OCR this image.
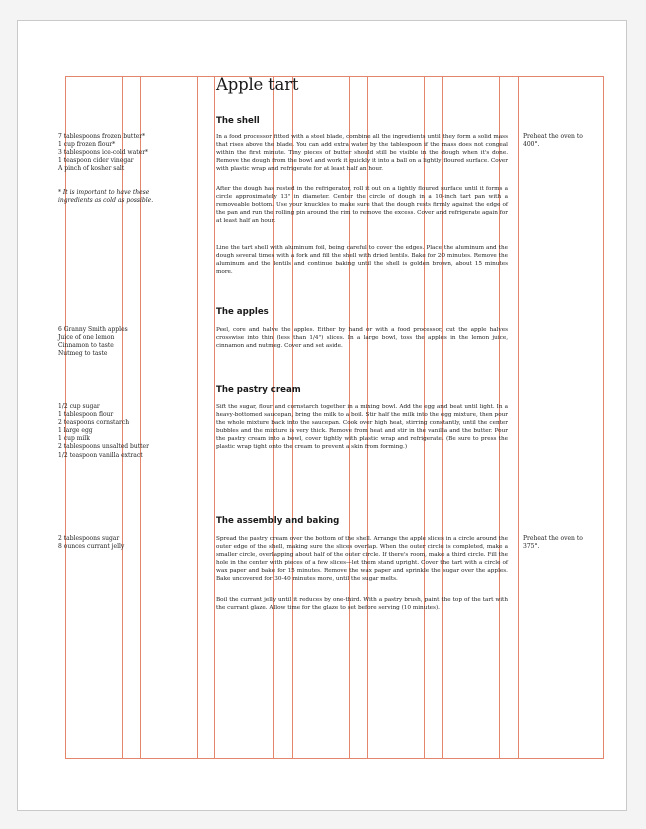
Apple tart
The shell

In a food processor fitted with a steel blade, combine all the ingredients until they form a solid mass that rises above the blade. You can add extra water by the tablespoon if the mass does not congeal within the first minute. Tiny pieces of butter should still be visible in the dough when it's done. Remove the dough from the bowl and work it quickly it into a ball on a lightly floured surface. Cover with plastic wrap and refrigerate for at least half an hour.

After the dough has rested in the refrigerator, roll it out on a lightly floured surface until it forms a circle approximately 13" in diameter. Center the circle of dough in a 10-inch tart pan with a removeable bottom. Use your knuckles to make sure that the dough rests firmly against the edge of the pan and run the rolling pin around the rim to remove the excess. Cover and refrigerate again for at least half an hour.

Line the tart shell with aluminum foil, being careful to cover the edges. Place the aluminum and the dough several times with a fork and fill the shell with dried lentils. Bake for 20 minutes. Remove the aluminum and the lentils and continue baking until the shell is golden brown, about 15 minutes more.

The apples

Peel, core and halve the apples. Either by hand or with a food processor, cut the apple halves crosswise into thin (less than 1/4") slices. In a large bowl, toss the apples in the lemon juice, cinnamon and nutmeg. Cover and set aside.

The pastry cream

Sift the sugar, flour and cornstarch together in a mixing bowl. Add the egg and beat until light. In a heavy-bottomed saucepan, bring the milk to a boil. Stir half the milk into the egg mixture, then pour the whole mixture back into the saucepan. Cook over high heat, stirring constantly, until the center bubbles and the mixture is very thick. Remove from heat and stir in the vanilla and the butter. Pour the pastry cream into a bowl, cover tightly with plastic wrap and refrigerate. (Be sure to press the plastic wrap tight onto the cream to prevent a skin from forming.)

The assembly and baking

Spread the pastry cream over the bottom of the shell. Arrange the apple slices in a circle around the outer edge of the shell, making sure the slices overlap. When the outer circle is completed, make a smaller circle, overlapping about half of the outer circle. If there's room, make a third circle. Fill the hole in the center with pieces of a few slices—let them stand upright. Cover the tart with a circle of wax paper and bake for 15 minutes. Remove the wax paper and sprinkle the sugar over the apples. Bake uncovered for 30-40 minutes more, until the sugar melts.

Boil the currant jelly until it reduces by one-third. With a pastry brush, paint the top of the tart with the currant glaze. Allow time for the glaze to set before serving (10 minutes).

7 tablespoons frozen butter*
1 cup frozen flour*
3 tablespoons ice-cold water*
1 teaspoon cider vinegar
A pinch of kosher salt

* It is important to have these ingredients as cold as possible.

6 Granny Smith apples
Juice of one lemon
Cinnamon to taste
Nutmeg to taste
1/2 cup sugar
1 tablespoon flour
2 teaspoons cornstarch
1 large egg
1 cup milk
2 tablespoons unsalted butter
1/2 teaspoon vanilla extract
2 tablespoons sugar
8 ounces currant jelly

Preheat the oven to 400°.

Preheat the oven to 375°.
